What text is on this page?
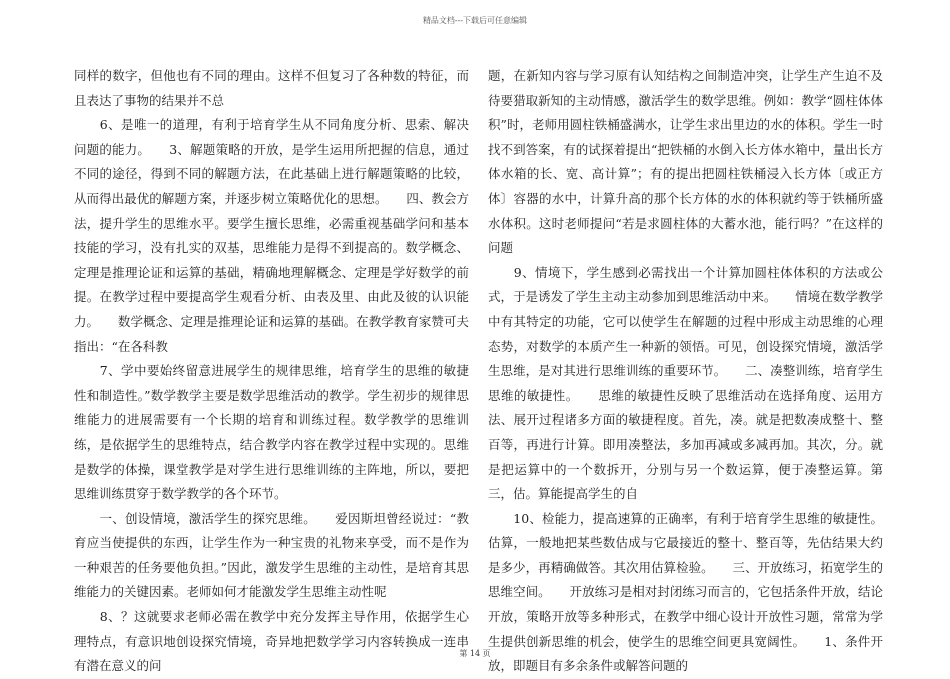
精品文档---下载后可任意编辑

同样的数字，但他也有不同的理由。这样不但复习了各种数的特征，而且表达了事物的结果并不总

　　6、是唯一的道理，有利于培育学生从不同角度分析、思索、解决问题的能力。　　3、解题策略的开放，是学生运用所把握的信息，通过不同的途径，得到不同的解题方法，在此基础上进行解题策略的比较，从而得出最优的解题方案，并逐步树立策略优化的思想。　　四、教会方法，提升学生的思维水平。要学生擅长思维，必需重视基础学问和基本技能的学习，没有扎实的双基，思维能力是得不到提高的。数学概念、定理是推理论证和运算的基础，精确地理解概念、定理是学好数学的前提。在教学过程中要提高学生观看分析、由表及里、由此及彼的认识能力。　　数学概念、定理是推理论证和运算的基础。在教学教育家赞可夫指出：“在各科教

　　7、学中要始终留意进展学生的规律思维，培育学生的思维的敏捷性和制造性。”数学教学主要是数学思维活动的教学。学生初步的规律思维能力的进展需要有一个长期的培育和训练过程。数学教学的思维训练，是依据学生的思维特点，结合教学内容在教学过程中实现的。思维是数学的体操，课堂教学是对学生进行思维训练的主阵地，所以，要把思维训练贯穿于数学教学的各个环节。

　　一、创设情境，激活学生的探究思维。　　爱因斯坦曾经说过：“教育应当使提供的东西，让学生作为一种宝贵的礼物来享受，而不是作为一种艰苦的任务要他负担。”因此，激发学生思维的主动性，是培育其思维能力的关键因素。老师如何才能激发学生思维主动性呢

　　8、？这就要求老师必需在教学中充分发挥主导作用，依据学生心理特点，有意识地创设探究情境，奇异地把数学学习内容转换成一连串有潜在意义的问

题，在新知内容与学习原有认知结构之间制造冲突，让学生产生迫不及待要猎取新知的主动情感，激活学生的数学思维。例如：教学“圆柱体体积”时，老师用圆柱铁桶盛满水，让学生求出里边的水的体积。学生一时找不到答案，有的试探着提出“把铁桶的水倒入长方体水箱中，量出长方体水箱的长、宽、高计算”；有的提出把圆柱铁桶浸入长方体〔或正方体〕容器的水中，计算升高的那个长方体的水的体积就约等于铁桶所盛水体积。这时老师提问“若是求圆柱体的大蓄水池，能行吗？”在这样的问题

　　9、情境下，学生感到必需找出一个计算加圆柱体体积的方法或公式，于是诱发了学生主动主动参加到思维活动中来。　　情境在数学教学中有其特定的功能，它可以使学生在解题的过程中形成主动思维的心理态势，对数学的本质产生一种新的领悟。可见，创设探究情境，激活学生思维，是对其进行思维训练的重要环节。　　二、凑整训练，培育学生思维的敏捷性。　　思维的敏捷性反映了思维活动在选择角度、运用方法、展开过程诸多方面的敏捷程度。首先，凑。就是把数凑成整十、整百等，再进行计算。即用凑整法，多加再减或多减再加。其次，分。就是把运算中的一个数拆开，分别与另一个数运算，便于凑整运算。第三，估。算能提高学生的自

　　10、检能力，提高速算的正确率，有利于培育学生思维的敏捷性。估算，一般地把某些数估成与它最接近的整十、整百等，先估结果大约是多少，再精确做答。其次用估算检验。　　三、开放练习，拓宽学生的思维空间。　　开放练习是相对封闭练习而言的，它包括条件开放，结论开放，策略开放等多种形式，在教学中细心设计开放性习题，常常为学生提供创新思维的机会，使学生的思维空间更具宽阔性。　　1、条件开放，即题目有多余条件或解答问题的

第 14 页
